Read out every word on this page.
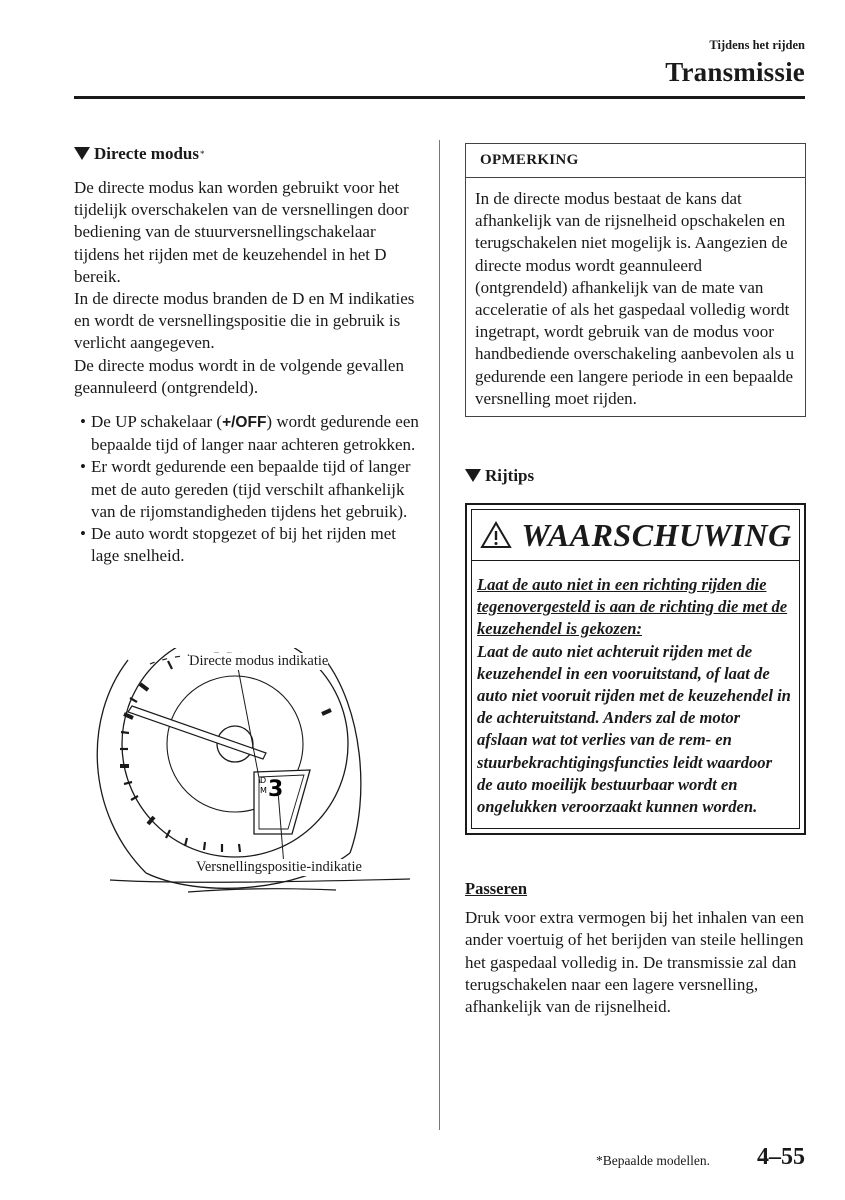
Tijdens het rijden
Transmissie
Directe modus *

De directe modus kan worden gebruikt voor het tijdelijk overschakelen van de versnellingen door bediening van de stuurversnellingschakelaar tijdens het rijden met de keuzehendel in het D bereik.

In de directe modus branden de D en M indikaties en wordt de versnellingspositie die in gebruik is verlicht aangegeven.

De directe modus wordt in de volgende gevallen geannuleerd (ontgrendeld).

• De UP schakelaar (+/OFF) wordt gedurende een bepaalde tijd of langer naar achteren getrokken.
• Er wordt gedurende een bepaalde tijd of langer met de auto gereden (tijd verschilt afhankelijk van de rijomstandigheden tijdens het gebruik).
• De auto wordt stopgezet of bij het rijden met lage snelheid.
D
M 3
Directe modus indikatie
Versnellingspositie-indikatie
OPMERKING
In de directe modus bestaat de kans dat afhankelijk van de rijsnelheid opschakelen en terugschakelen niet mogelijk is. Aangezien de directe modus wordt geannuleerd (ontgrendeld) afhankelijk van de mate van acceleratie of als het gaspedaal volledig wordt ingetrapt, wordt gebruik van de modus voor handbediende overschakeling aanbevolen als u gedurende een langere periode in een bepaalde versnelling moet rijden.
Rijtips
WAARSCHUWING
Laat de auto niet in een richting rijden die tegenovergesteld is aan de richting die met de keuzehendel is gekozen:
Laat de auto niet achteruit rijden met de keuzehendel in een vooruitstand, of laat de auto niet vooruit rijden met de keuzehendel in de achteruitstand. Anders zal de motor afslaan wat tot verlies van de rem- en stuurbekrachtigingsfuncties leidt waardoor de auto moeilijk bestuurbaar wordt en ongelukken veroorzaakt kunnen worden.
Passeren

Druk voor extra vermogen bij het inhalen van een ander voertuig of het berijden van steile hellingen het gaspedaal volledig in. De transmissie zal dan terugschakelen naar een lagere versnelling, afhankelijk van de rijsnelheid.

*Bepaalde modellen. 4–55
